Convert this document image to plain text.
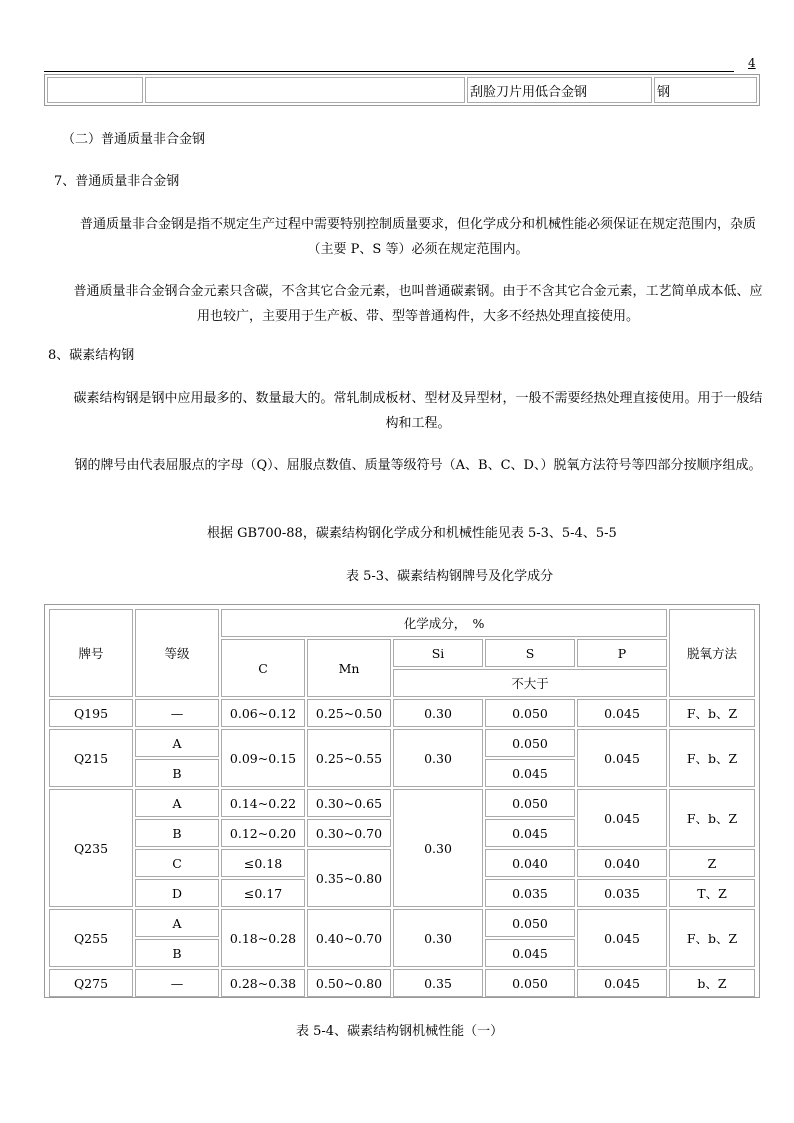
4
		刮脸刀片用低合金钢	钢
（二）普通质量非合金钢
7、普通质量非合金钢
普通质量非合金钢是指不规定生产过程中需要特别控制质量要求，但化学成分和机械性能必须保证在规定范围内，杂质（主要 P、S 等）必须在规定范围内。
普通质量非合金钢合金元素只含碳，不含其它合金元素，也叫普通碳素钢。由于不含其它合金元素，工艺简单成本低、应用也较广，主要用于生产板、带、型等普通构件，大多不经热处理直接使用。
8、碳素结构钢
碳素结构钢是钢中应用最多的、数量最大的。常轧制成板材、型材及异型材，一般不需要经热处理直接使用。用于一般结构和工程。
钢的牌号由代表屈服点的字母（Q）、屈服点数值、质量等级符号（A、B、C、D、）脱氧方法符号等四部分按顺序组成。
根据 GB700-88，碳素结构钢化学成分和机械性能见表 5-3、5-4、5-5
表 5-3、碳素结构钢牌号及化学成分
牌号	等级	化学成分，　%					脱氧方法
		C	Mn	Si	S	P	
				不大于			
Q195	—	0.06~0.12	0.25~0.50	0.30	0.050	0.045	F、b、Z
Q215	A	0.09~0.15	0.25~0.55	0.30	0.050	0.045	F、b、Z
	B				0.045		
Q235	A	0.14~0.22	0.30~0.65	0.30	0.050	0.045	F、b、Z
	B	0.12~0.20	0.30~0.70		0.045		
	C	≤0.18	0.35~0.80		0.040	0.040	Z
	D	≤0.17			0.035	0.035	T、Z
Q255	A	0.18~0.28	0.40~0.70	0.30	0.050	0.045	F、b、Z
	B				0.045		
Q275	—	0.28~0.38	0.50~0.80	0.35	0.050	0.045	b、Z
表 5-4、碳素结构钢机械性能（一）
